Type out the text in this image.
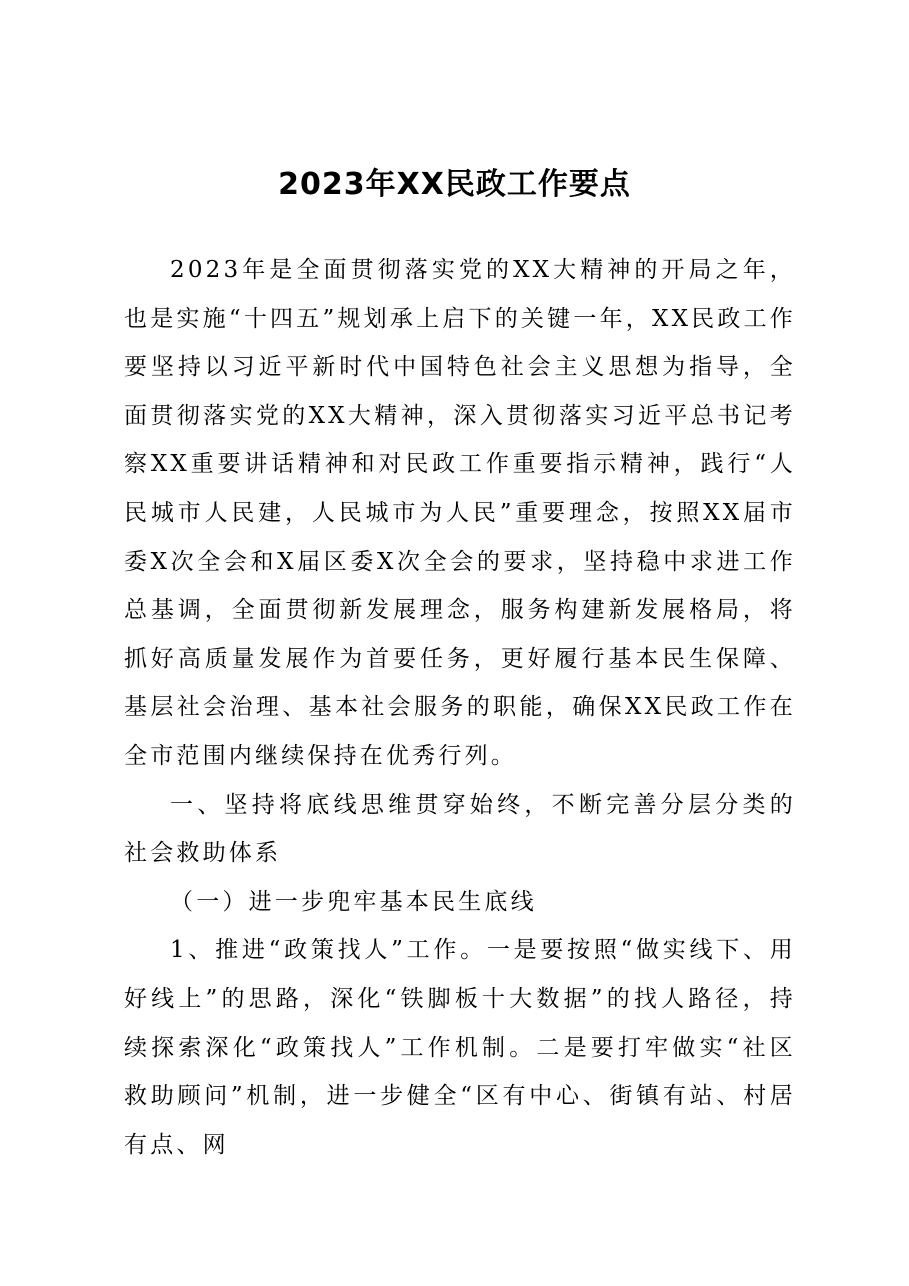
2023年XX民政工作要点

2023年是全面贯彻落实党的XX大精神的开局之年，也是实施“十四五”规划承上启下的关键一年，XX民政工作要坚持以习近平新时代中国特色社会主义思想为指导，全面贯彻落实党的XX大精神，深入贯彻落实习近平总书记考察XX重要讲话精神和对民政工作重要指示精神，践行“人民城市人民建，人民城市为人民”重要理念，按照XX届市委X次全会和X届区委X次全会的要求，坚持稳中求进工作总基调，全面贯彻新发展理念，服务构建新发展格局，将抓好高质量发展作为首要任务，更好履行基本民生保障、基层社会治理、基本社会服务的职能，确保XX民政工作在全市范围内继续保持在优秀行列。

一、坚持将底线思维贯穿始终，不断完善分层分类的社会救助体系

（一）进一步兜牢基本民生底线

1、推进“政策找人”工作。一是要按照“做实线下、用好线上”的思路，深化“铁脚板十大数据”的找人路径，持续探索深化“政策找人”工作机制。二是要打牢做实“社区救助顾问”机制，进一步健全“区有中心、街镇有站、村居有点、网
